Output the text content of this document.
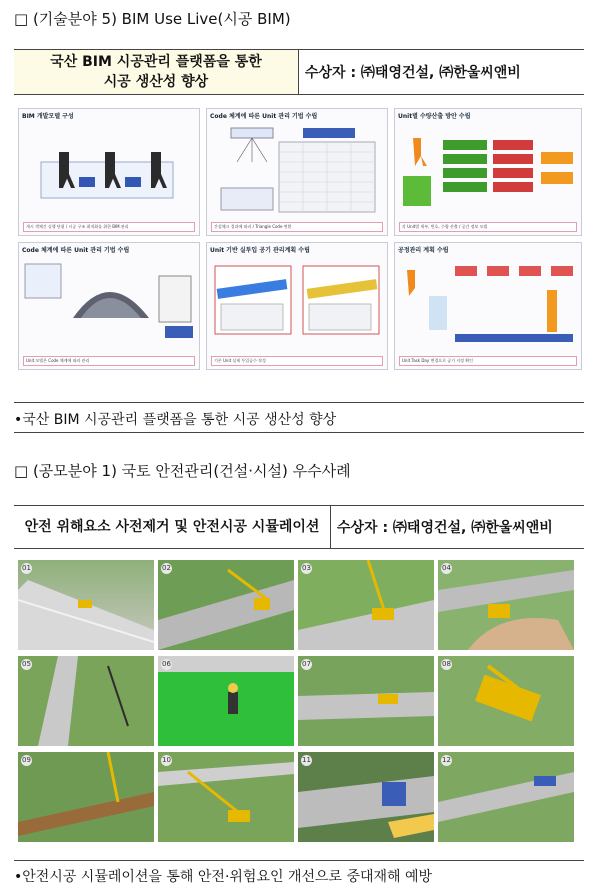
□ (기술분야 5) BIM Use Live(시공 BIM)
국산 BIM 시공관리 플랫폼을 통한
시공 생산성 향상
수상자 : ㈜태영건설, ㈜한울씨앤비
BIM 개발모델 구성
개시 객체간 실행 단위 / 시공 구조 최적화를 위한 BIM 관리
Code 체계에 따른 Unit 관리 기법 수립
간섭체크 결과에 따라 / Triangle Code 변환
Unit별 수량산출 방안 수립
각 Unit별 세부, 번호, 수량 산출 / 공간 정보 모델
Code 체계에 따른 Unit 관리 기법 수립
Unit 모델은 Code 체계에 따라 관리
Unit 기반 실투입 공기 관리계획 수립
기존 Unit 실제 투입공수 작성
공정관리 계획 수립
Unit Task Day 변경으로 공기 지정 확인
•국산 BIM 시공관리 플랫폼을 통한 시공 생산성 향상
□ (공모분야 1) 국토 안전관리(건설·시설) 우수사례
안전 위해요소 사전제거 및 안전시공 시뮬레이션	수상자 : ㈜태영건설, ㈜한울씨앤비
01	02	03	04
05	06	07	08
09	10	11	12
•안전시공 시뮬레이션을 통해 안전·위험요인 개선으로 중대재해 예방
